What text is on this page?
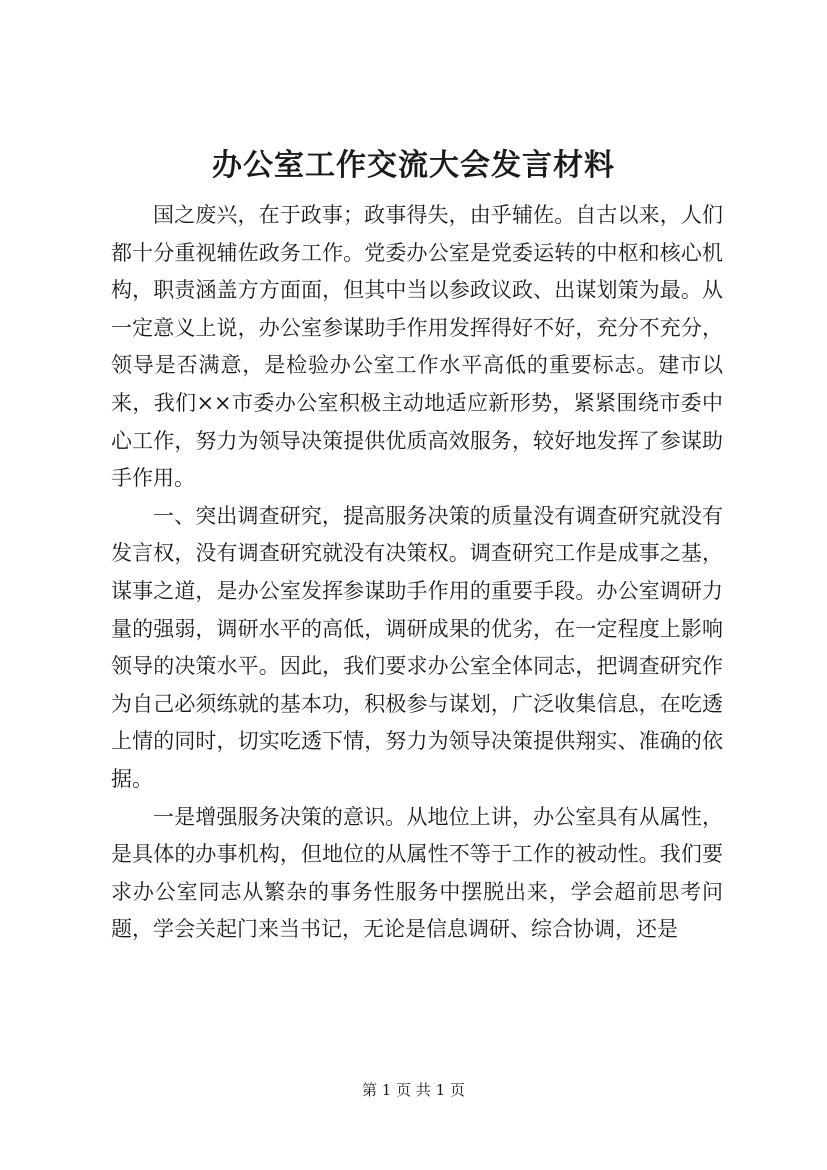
办公室工作交流大会发言材料

国之废兴，在于政事；政事得失，由乎辅佐。自古以来，人们都十分重视辅佐政务工作。党委办公室是党委运转的中枢和核心机构，职责涵盖方方面面，但其中当以参政议政、出谋划策为最。从一定意义上说，办公室参谋助手作用发挥得好不好，充分不充分，领导是否满意，是检验办公室工作水平高低的重要标志。建市以来，我们××市委办公室积极主动地适应新形势，紧紧围绕市委中心工作，努力为领导决策提供优质高效服务，较好地发挥了参谋助手作用。

一、突出调查研究，提高服务决策的质量没有调查研究就没有发言权，没有调查研究就没有决策权。调查研究工作是成事之基，谋事之道，是办公室发挥参谋助手作用的重要手段。办公室调研力量的强弱，调研水平的高低，调研成果的优劣，在一定程度上影响领导的决策水平。因此，我们要求办公室全体同志，把调查研究作为自己必须练就的基本功，积极参与谋划，广泛收集信息，在吃透上情的同时，切实吃透下情，努力为领导决策提供翔实、准确的依据。

一是增强服务决策的意识。从地位上讲，办公室具有从属性，是具体的办事机构，但地位的从属性不等于工作的被动性。我们要求办公室同志从繁杂的事务性服务中摆脱出来，学会超前思考问题，学会关起门来当书记，无论是信息调研、综合协调，还是

第 1 页 共 1 页
